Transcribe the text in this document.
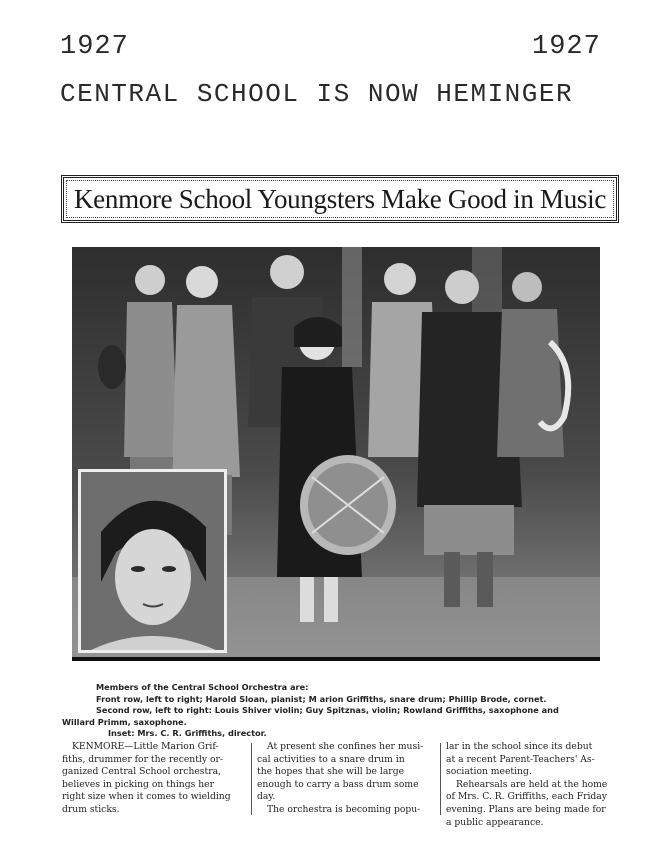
1927	1927
CENTRAL SCHOOL IS NOW HEMINGER
Kenmore School Youngsters Make Good in Music
Members of the Central School Orchestra are:
Front row, left to right; Harold Sloan, pianist; M arion Griffiths, snare drum; Phillip Brode, cornet.
Second row, left to right: Louis Shiver violin; Guy Spitznas, violin; Rowland Griffiths, saxophone and
Willard Primm, saxophone.
Inset: Mrs. C. R. Griffiths, director.
KENMORE—Little Marion Grif-
fiths, drummer for the recently or-
ganized Central School orchestra,
believes in picking on things her
right size when it comes to wielding
drum sticks.
At present she confines her musi-
cal activities to a snare drum in
the hopes that she will be large
enough to carry a bass drum some
day.
The orchestra is becoming popu-
lar in the school since its debut
at a recent Parent-Teachers' As-
sociation meeting.
Rehearsals are held at the home
of Mrs. C. R. Griffiths, each Friday
evening. Plans are being made for
a public appearance.
